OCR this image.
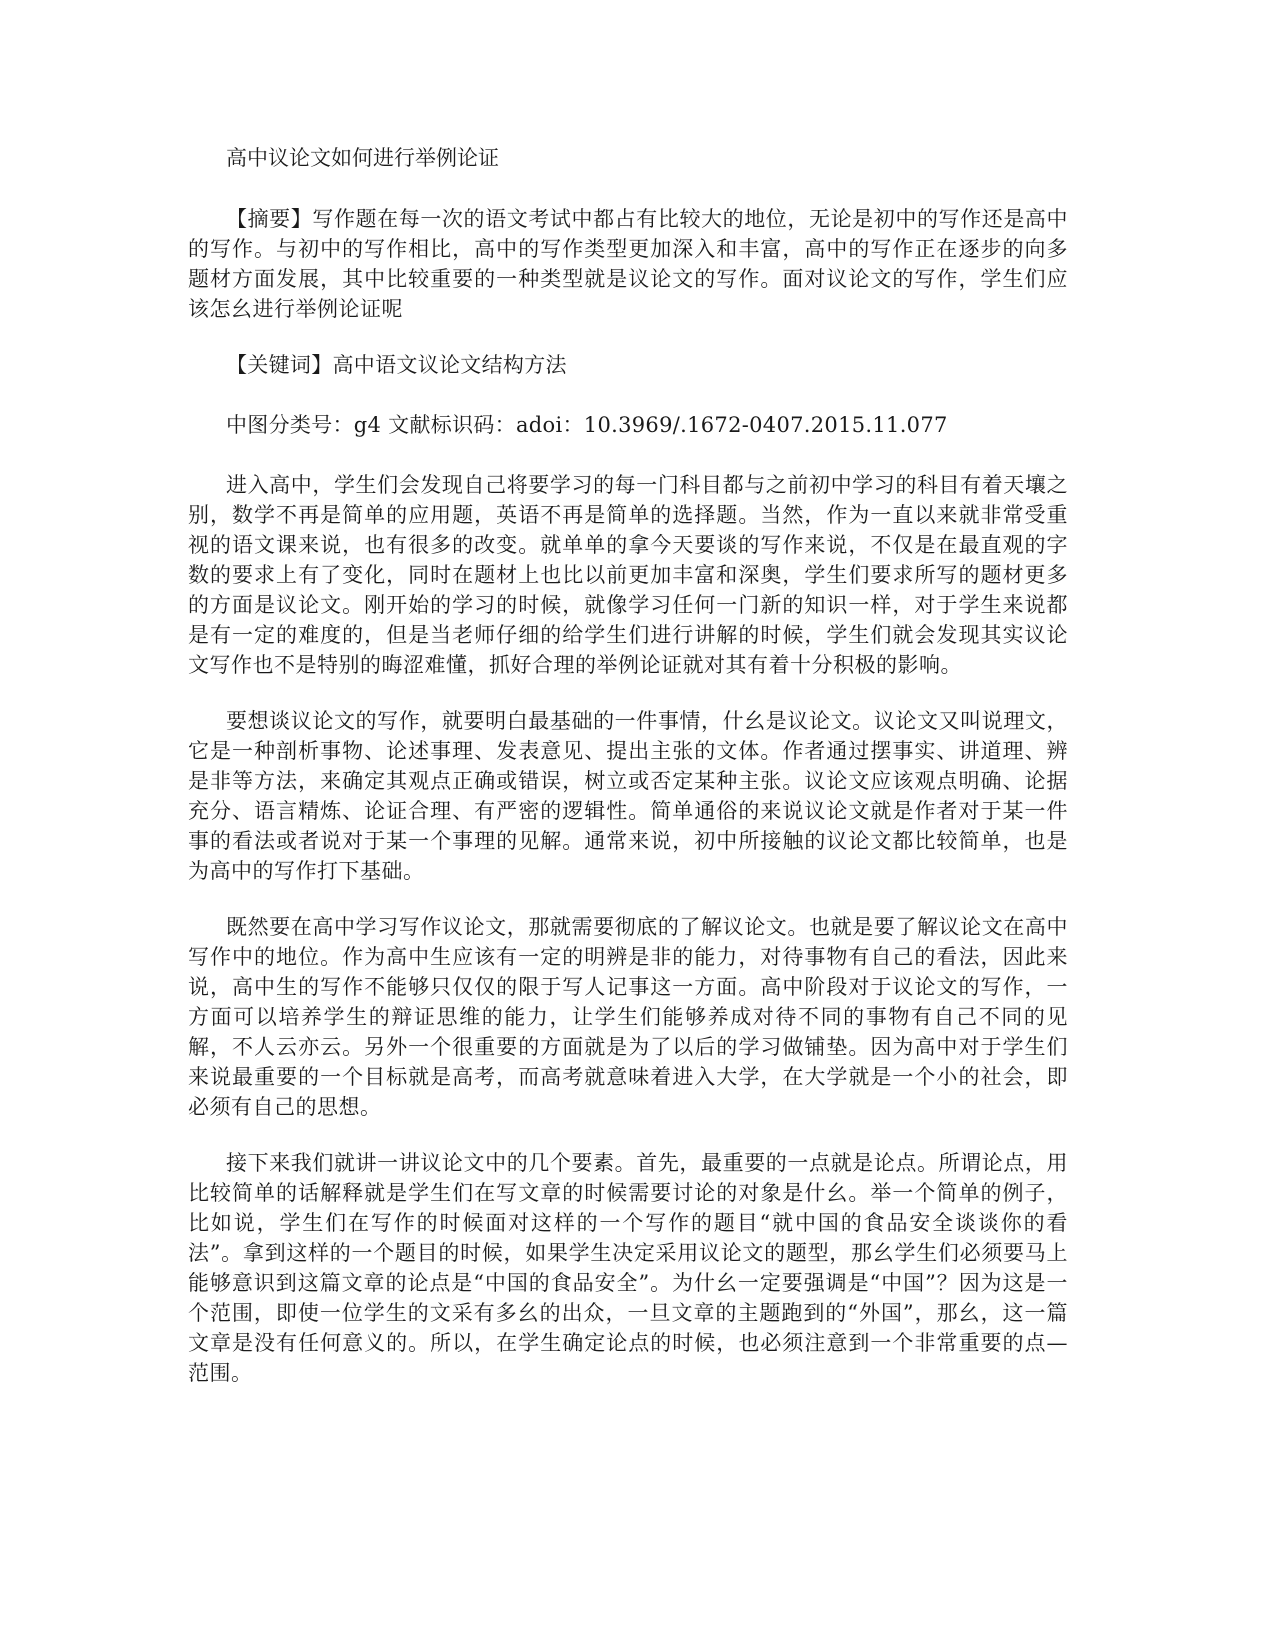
高中议论文如何进行举例论证

【摘要】写作题在每一次的语文考试中都占有比较大的地位，无论是初中的写作还是高中的写作。与初中的写作相比，高中的写作类型更加深入和丰富，高中的写作正在逐步的向多题材方面发展，其中比较重要的一种类型就是议论文的写作。面对议论文的写作，学生们应该怎幺进行举例论证呢

【关键词】高中语文议论文结构方法

中图分类号：g4 文献标识码：adoi：10.3969/.1672-0407.2015.11.077

进入高中，学生们会发现自己将要学习的每一门科目都与之前初中学习的科目有着天壤之别，数学不再是简单的应用题，英语不再是简单的选择题。当然，作为一直以来就非常受重视的语文课来说，也有很多的改变。就单单的拿今天要谈的写作来说，不仅是在最直观的字数的要求上有了变化，同时在题材上也比以前更加丰富和深奥，学生们要求所写的题材更多的方面是议论文。刚开始的学习的时候，就像学习任何一门新的知识一样，对于学生来说都是有一定的难度的，但是当老师仔细的给学生们进行讲解的时候，学生们就会发现其实议论文写作也不是特别的晦涩难懂，抓好合理的举例论证就对其有着十分积极的影响。

要想谈议论文的写作，就要明白最基础的一件事情，什幺是议论文。议论文又叫说理文，它是一种剖析事物、论述事理、发表意见、提出主张的文体。作者通过摆事实、讲道理、辨是非等方法，来确定其观点正确或错误，树立或否定某种主张。议论文应该观点明确、论据充分、语言精炼、论证合理、有严密的逻辑性。简单通俗的来说议论文就是作者对于某一件事的看法或者说对于某一个事理的见解。通常来说，初中所接触的议论文都比较简单，也是为高中的写作打下基础。

既然要在高中学习写作议论文，那就需要彻底的了解议论文。也就是要了解议论文在高中写作中的地位。作为高中生应该有一定的明辨是非的能力，对待事物有自己的看法，因此来说，高中生的写作不能够只仅仅的限于写人记事这一方面。高中阶段对于议论文的写作，一方面可以培养学生的辩证思维的能力，让学生们能够养成对待不同的事物有自己不同的见解，不人云亦云。另外一个很重要的方面就是为了以后的学习做铺垫。因为高中对于学生们来说最重要的一个目标就是高考，而高考就意味着进入大学，在大学就是一个小的社会，即必须有自己的思想。

接下来我们就讲一讲议论文中的几个要素。首先，最重要的一点就是论点。所谓论点，用比较简单的话解释就是学生们在写文章的时候需要讨论的对象是什幺。举一个简单的例子，比如说，学生们在写作的时候面对这样的一个写作的题目“就中国的食品安全谈谈你的看法”。拿到这样的一个题目的时候，如果学生决定采用议论文的题型，那幺学生们必须要马上能够意识到这篇文章的论点是“中国的食品安全”。为什幺一定要强调是“中国”？因为这是一个范围，即使一位学生的文采有多幺的出众，一旦文章的主题跑到的“外国”，那幺，这一篇文章是没有任何意义的。所以，在学生确定论点的时候，也必须注意到一个非常重要的点—范围。
